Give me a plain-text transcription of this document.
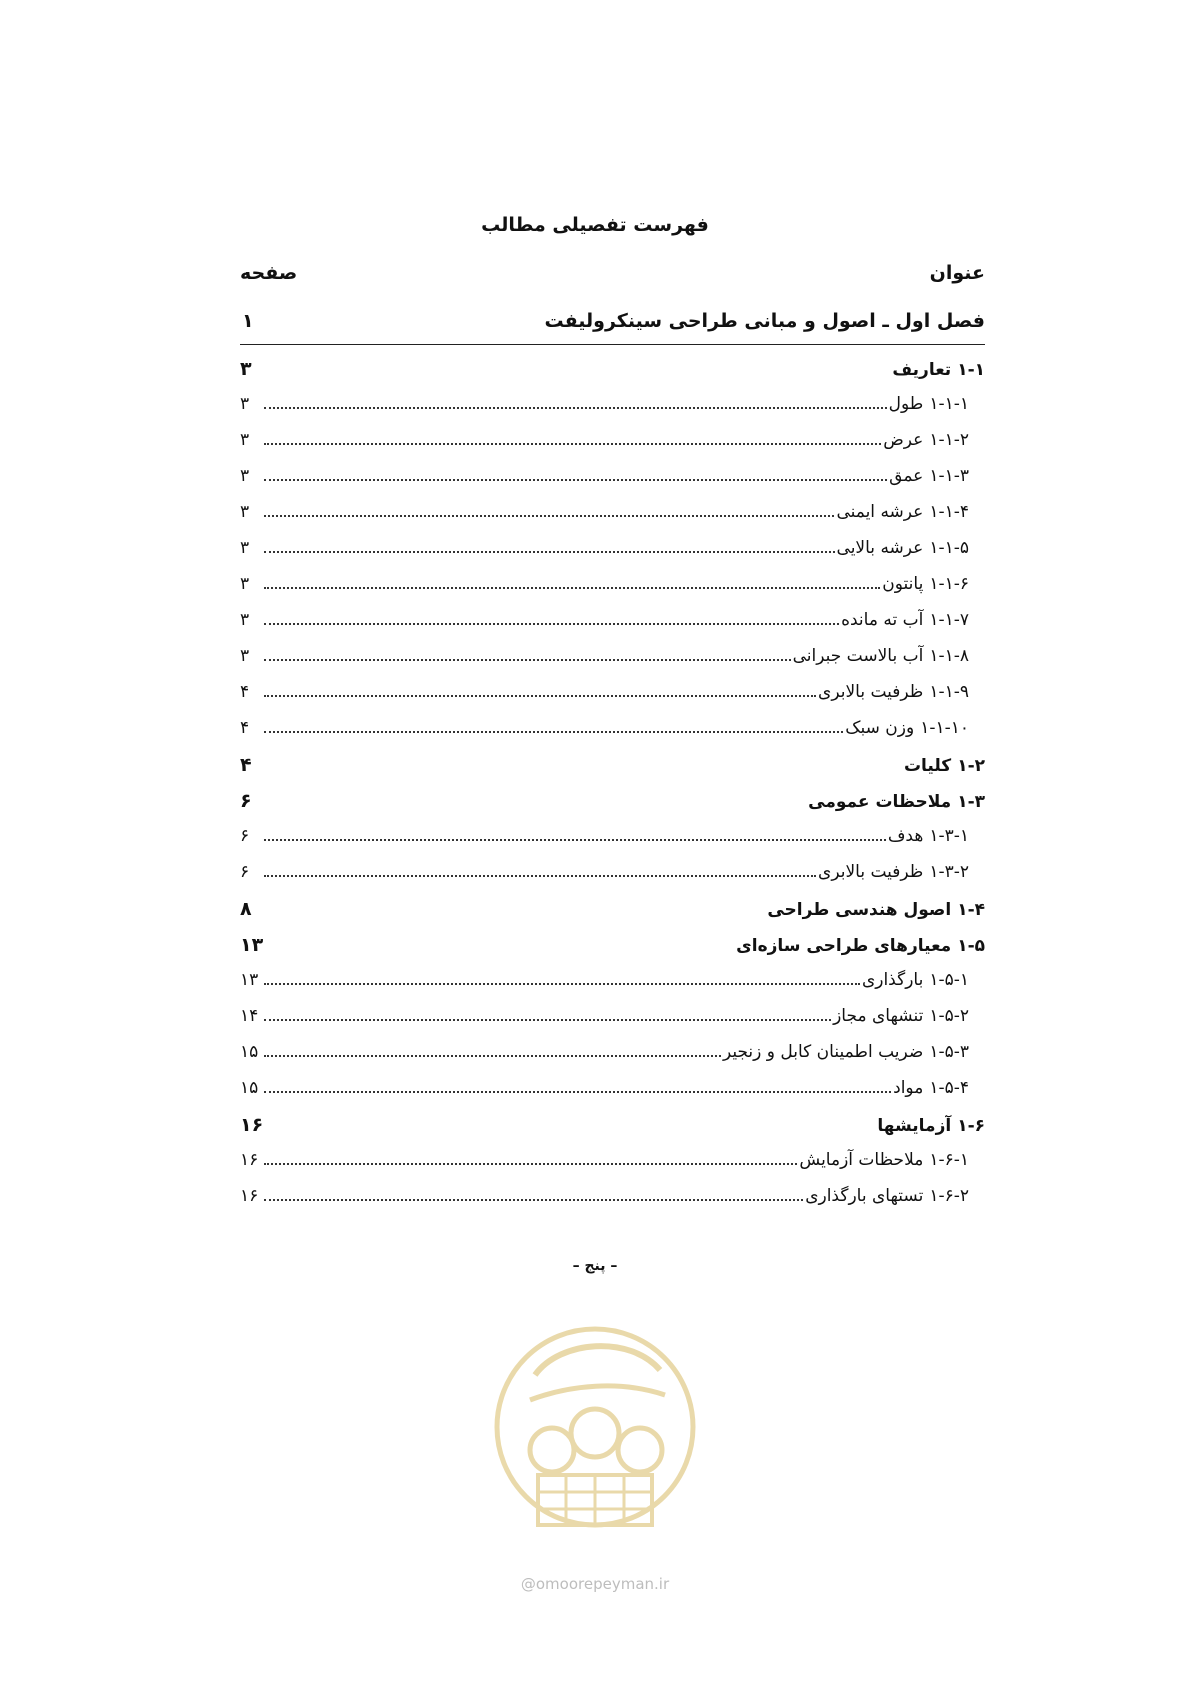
فهرست تفصیلی مطالب
عنوان
صفحه
فصل اول ـ اصول و مبانی طراحی سینکرولیفت
۱
۱-۱
تعاریف
۳
۱-۱-۱
طول
۳
۱-۱-۲
عرض
۳
۱-۱-۳
عمق
۳
۱-۱-۴
عرشه ایمنی
۳
۱-۱-۵
عرشه بالایی
۳
۱-۱-۶
پانتون
۳
۱-۱-۷
آب ته مانده
۳
۱-۱-۸
آب بالاست جبرانی
۳
۱-۱-۹
ظرفیت بالابری
۴
۱-۱-۱۰
وزن سبک
۴
۱-۲
کلیات
۴
۱-۳
ملاحظات عمومی
۶
۱-۳-۱
هدف
۶
۱-۳-۲
ظرفیت بالابری
۶
۱-۴
اصول هندسی طراحی
۸
۱-۵
معیارهای طراحی سازه‌ای
۱۳
۱-۵-۱
بارگذاری
۱۳
۱-۵-۲
تنشهای مجاز
۱۴
۱-۵-۳
ضریب اطمینان کابل و زنجیر
۱۵
۱-۵-۴
مواد
۱۵
۱-۶
آزمایشها
۱۶
۱-۶-۱
ملاحظات آزمایش
۱۶
۱-۶-۲
تستهای بارگذاری
۱۶
– پنج –
@omoorepeyman.ir
